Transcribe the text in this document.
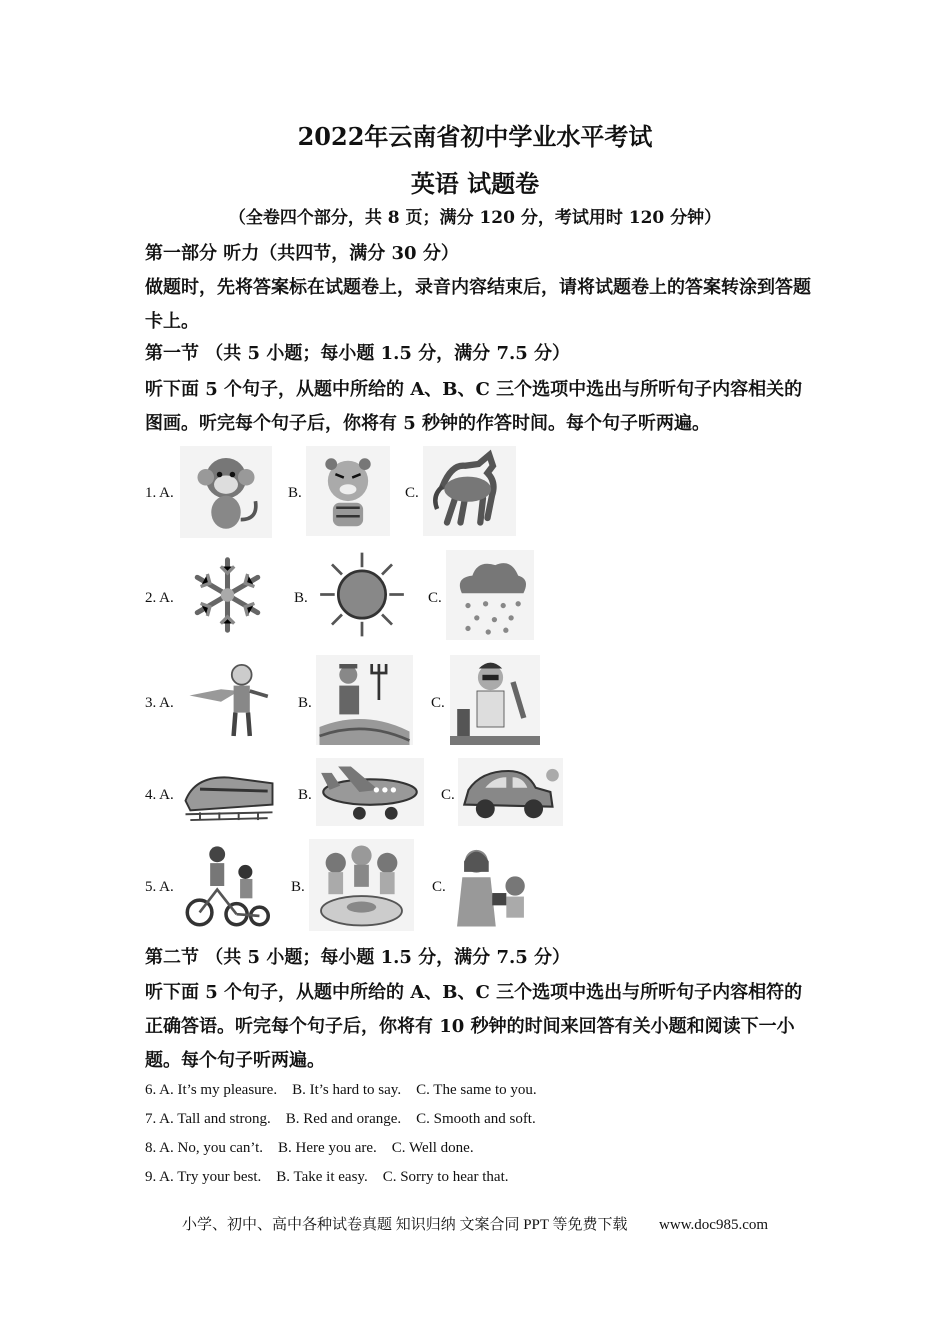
2022年云南省初中学业水平考试
英语 试题卷
（全卷四个部分，共 8 页；满分 120 分，考试用时 120 分钟）
第一部分 听力（共四节，满分 30 分）
做题时，先将答案标在试题卷上，录音内容结束后，请将试题卷上的答案转涂到答题卡上。
第一节 （共 5 小题；每小题 1.5 分，满分 7.5 分）
听下面 5 个句子，从题中所给的 A、B、C 三个选项中选出与所听句子内容相关的图画。听完每个句子后，你将有 5 秒钟的作答时间。每个句子听两遍。
1. A.	B.	C.
2. A.	B.	C.
3. A.	B.	C.
4. A.	B.	C.
5. A.	B.	C.
第二节 （共 5 小题；每小题 1.5 分，满分 7.5 分）
听下面 5 个句子，从题中所给的 A、B、C 三个选项中选出与所听句子内容相符的正确答语。听完每个句子后，你将有 10 秒钟的时间来回答有关小题和阅读下一小题。每个句子听两遍。
6. A. It’s my pleasure.    B. It’s hard to say.    C. The same to you.
7. A. Tall and strong.    B. Red and orange.    C. Smooth and soft.
8. A. No, you can’t.    B. Here you are.    C. Well done.
9. A. Try your best.    B. Take it easy.    C. Sorry to hear that.
小学、初中、高中各种试卷真题 知识归纳 文案合同 PPT 等免费下载 www.doc985.com
